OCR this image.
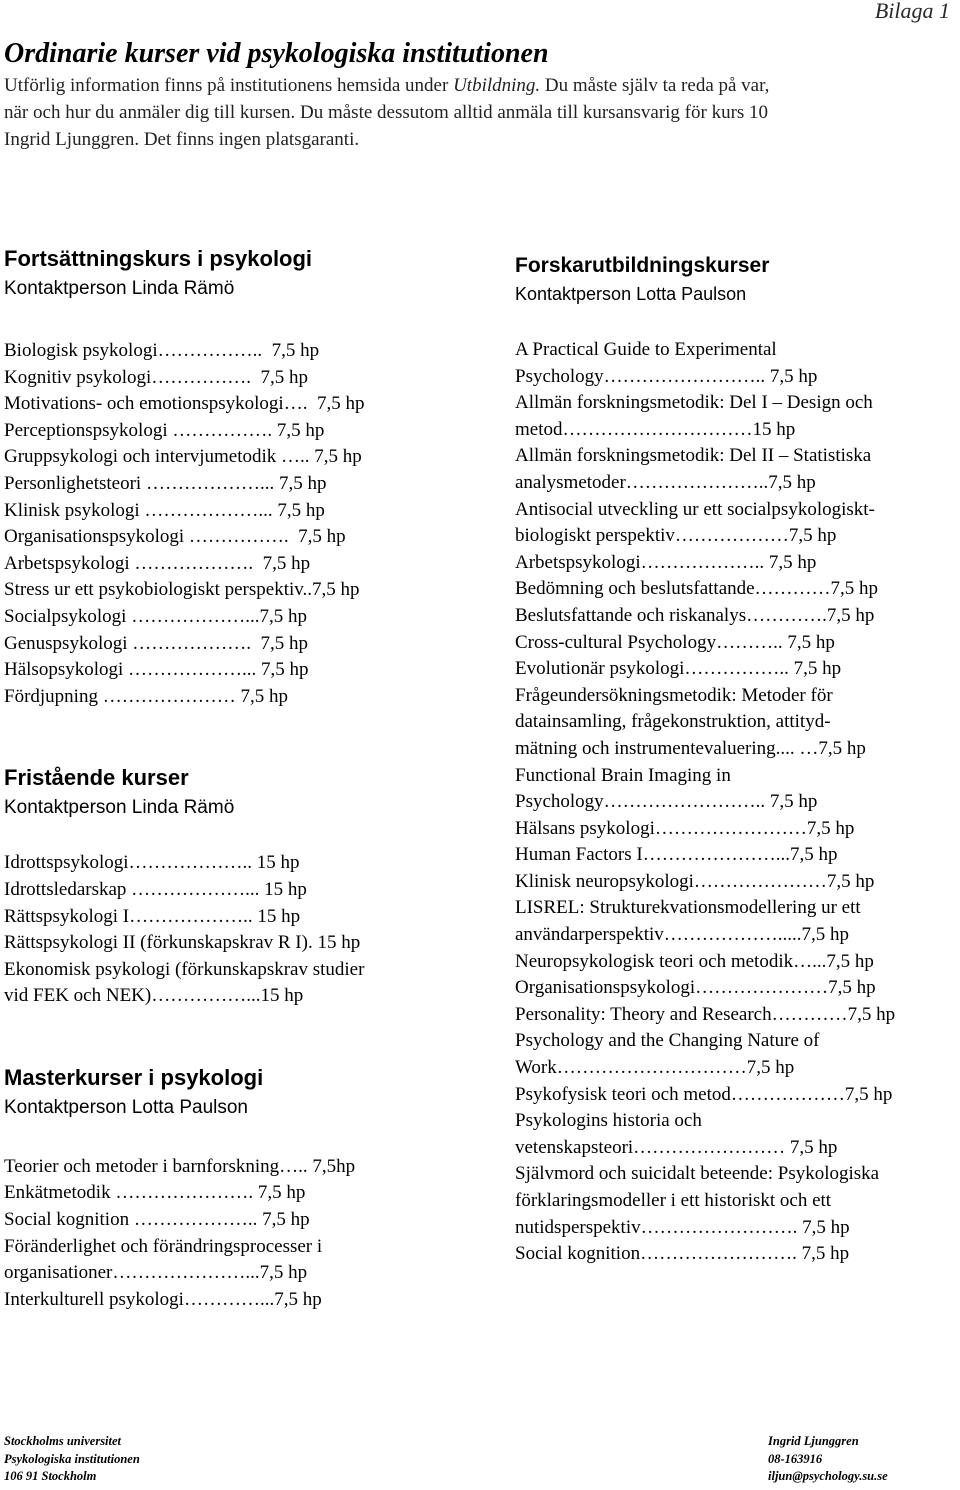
Bilaga 1
Ordinarie kurser vid psykologiska institutionen
Utförlig information finns på institutionens hemsida under Utbildning. Du måste själv ta reda på var,
när och hur du anmäler dig till kursen. Du måste dessutom alltid anmäla till kursansvarig för kurs 10
Ingrid Ljunggren. Det finns ingen platsgaranti.
Fortsättningskurs i psykologi
Kontaktperson Linda Rämö
Biologisk psykologi……………..  7,5 hp
Kognitiv psykologi…………….  7,5 hp
Motivations- och emotionspsykologi….  7,5 hp
Perceptionspsykologi ……………. 7,5 hp
Gruppsykologi och intervjumetodik ….. 7,5 hp
Personlighetsteori ………………... 7,5 hp
Klinisk psykologi ………………... 7,5 hp
Organisationspsykologi …………….  7,5 hp
Arbetspsykologi ……………….  7,5 hp
Stress ur ett psykobiologiskt perspektiv..7,5 hp
Socialpsykologi ………………...7,5 hp
Genuspsykologi ……………….  7,5 hp
Hälsopsykologi ………………... 7,5 hp
Fördjupning ………………… 7,5 hp
Fristående kurser
Kontaktperson Linda Rämö
Idrottspsykologi……………….. 15 hp
Idrottsledarskap ………………... 15 hp
Rättspsykologi I……………….. 15 hp
Rättspsykologi II (förkunskapskrav R I). 15 hp
Ekonomisk psykologi (förkunskapskrav studier
vid FEK och NEK)……………...15 hp
Masterkurser i psykologi
Kontaktperson Lotta Paulson
Teorier och metoder i barnforskning….. 7,5hp
Enkätmetodik …………………. 7,5 hp
Social kognition ……………….. 7,5 hp
Föränderlighet och förändringsprocesser i
organisationer…………………...7,5 hp
Interkulturell psykologi…………...7,5 hp
Forskarutbildningskurser
Kontaktperson Lotta Paulson
A Practical Guide to Experimental
Psychology…………………….. 7,5 hp
Allmän forskningsmetodik: Del I – Design och
metod…………………………15 hp
Allmän forskningsmetodik: Del II – Statistiska
analysmetoder…………………..7,5 hp
Antisocial utveckling ur ett socialpsykologiskt-
biologiskt perspektiv………………7,5 hp
Arbetspsykologi……………….. 7,5 hp
Bedömning och beslutsfattande…………7,5 hp
Beslutsfattande och riskanalys………….7,5 hp
Cross-cultural Psychology……….. 7,5 hp
Evolutionär psykologi…………….. 7,5 hp
Frågeundersökningsmetodik: Metoder för
datainsamling, frågekonstruktion, attityd-
mätning och instrumentevaluering.... …7,5 hp
Functional Brain Imaging in
Psychology…………………….. 7,5 hp
Hälsans psykologi……………………7,5 hp
Human Factors I…………………...7,5 hp
Klinisk neuropsykologi…………………7,5 hp
LISREL: Strukturekvationsmodellering ur ett
användarperspektiv……………….....7,5 hp
Neuropsykologisk teori och metodik…...7,5 hp
Organisationspsykologi…………………7,5 hp
Personality: Theory and Research…………7,5 hp
Psychology and the Changing Nature of
Work…………………………7,5 hp
Psykofysisk teori och metod………………7,5 hp
Psykologins historia och
vetenskapsteori…………………… 7,5 hp
Självmord och suicidalt beteende: Psykologiska
förklaringsmodeller i ett historiskt och ett
nutidsperspektiv……………………. 7,5 hp
Social kognition……………………. 7,5 hp
Stockholms universitet
Psykologiska institutionen
106 91 Stockholm
Ingrid Ljunggren
08-163916
iljun@psychology.su.se
